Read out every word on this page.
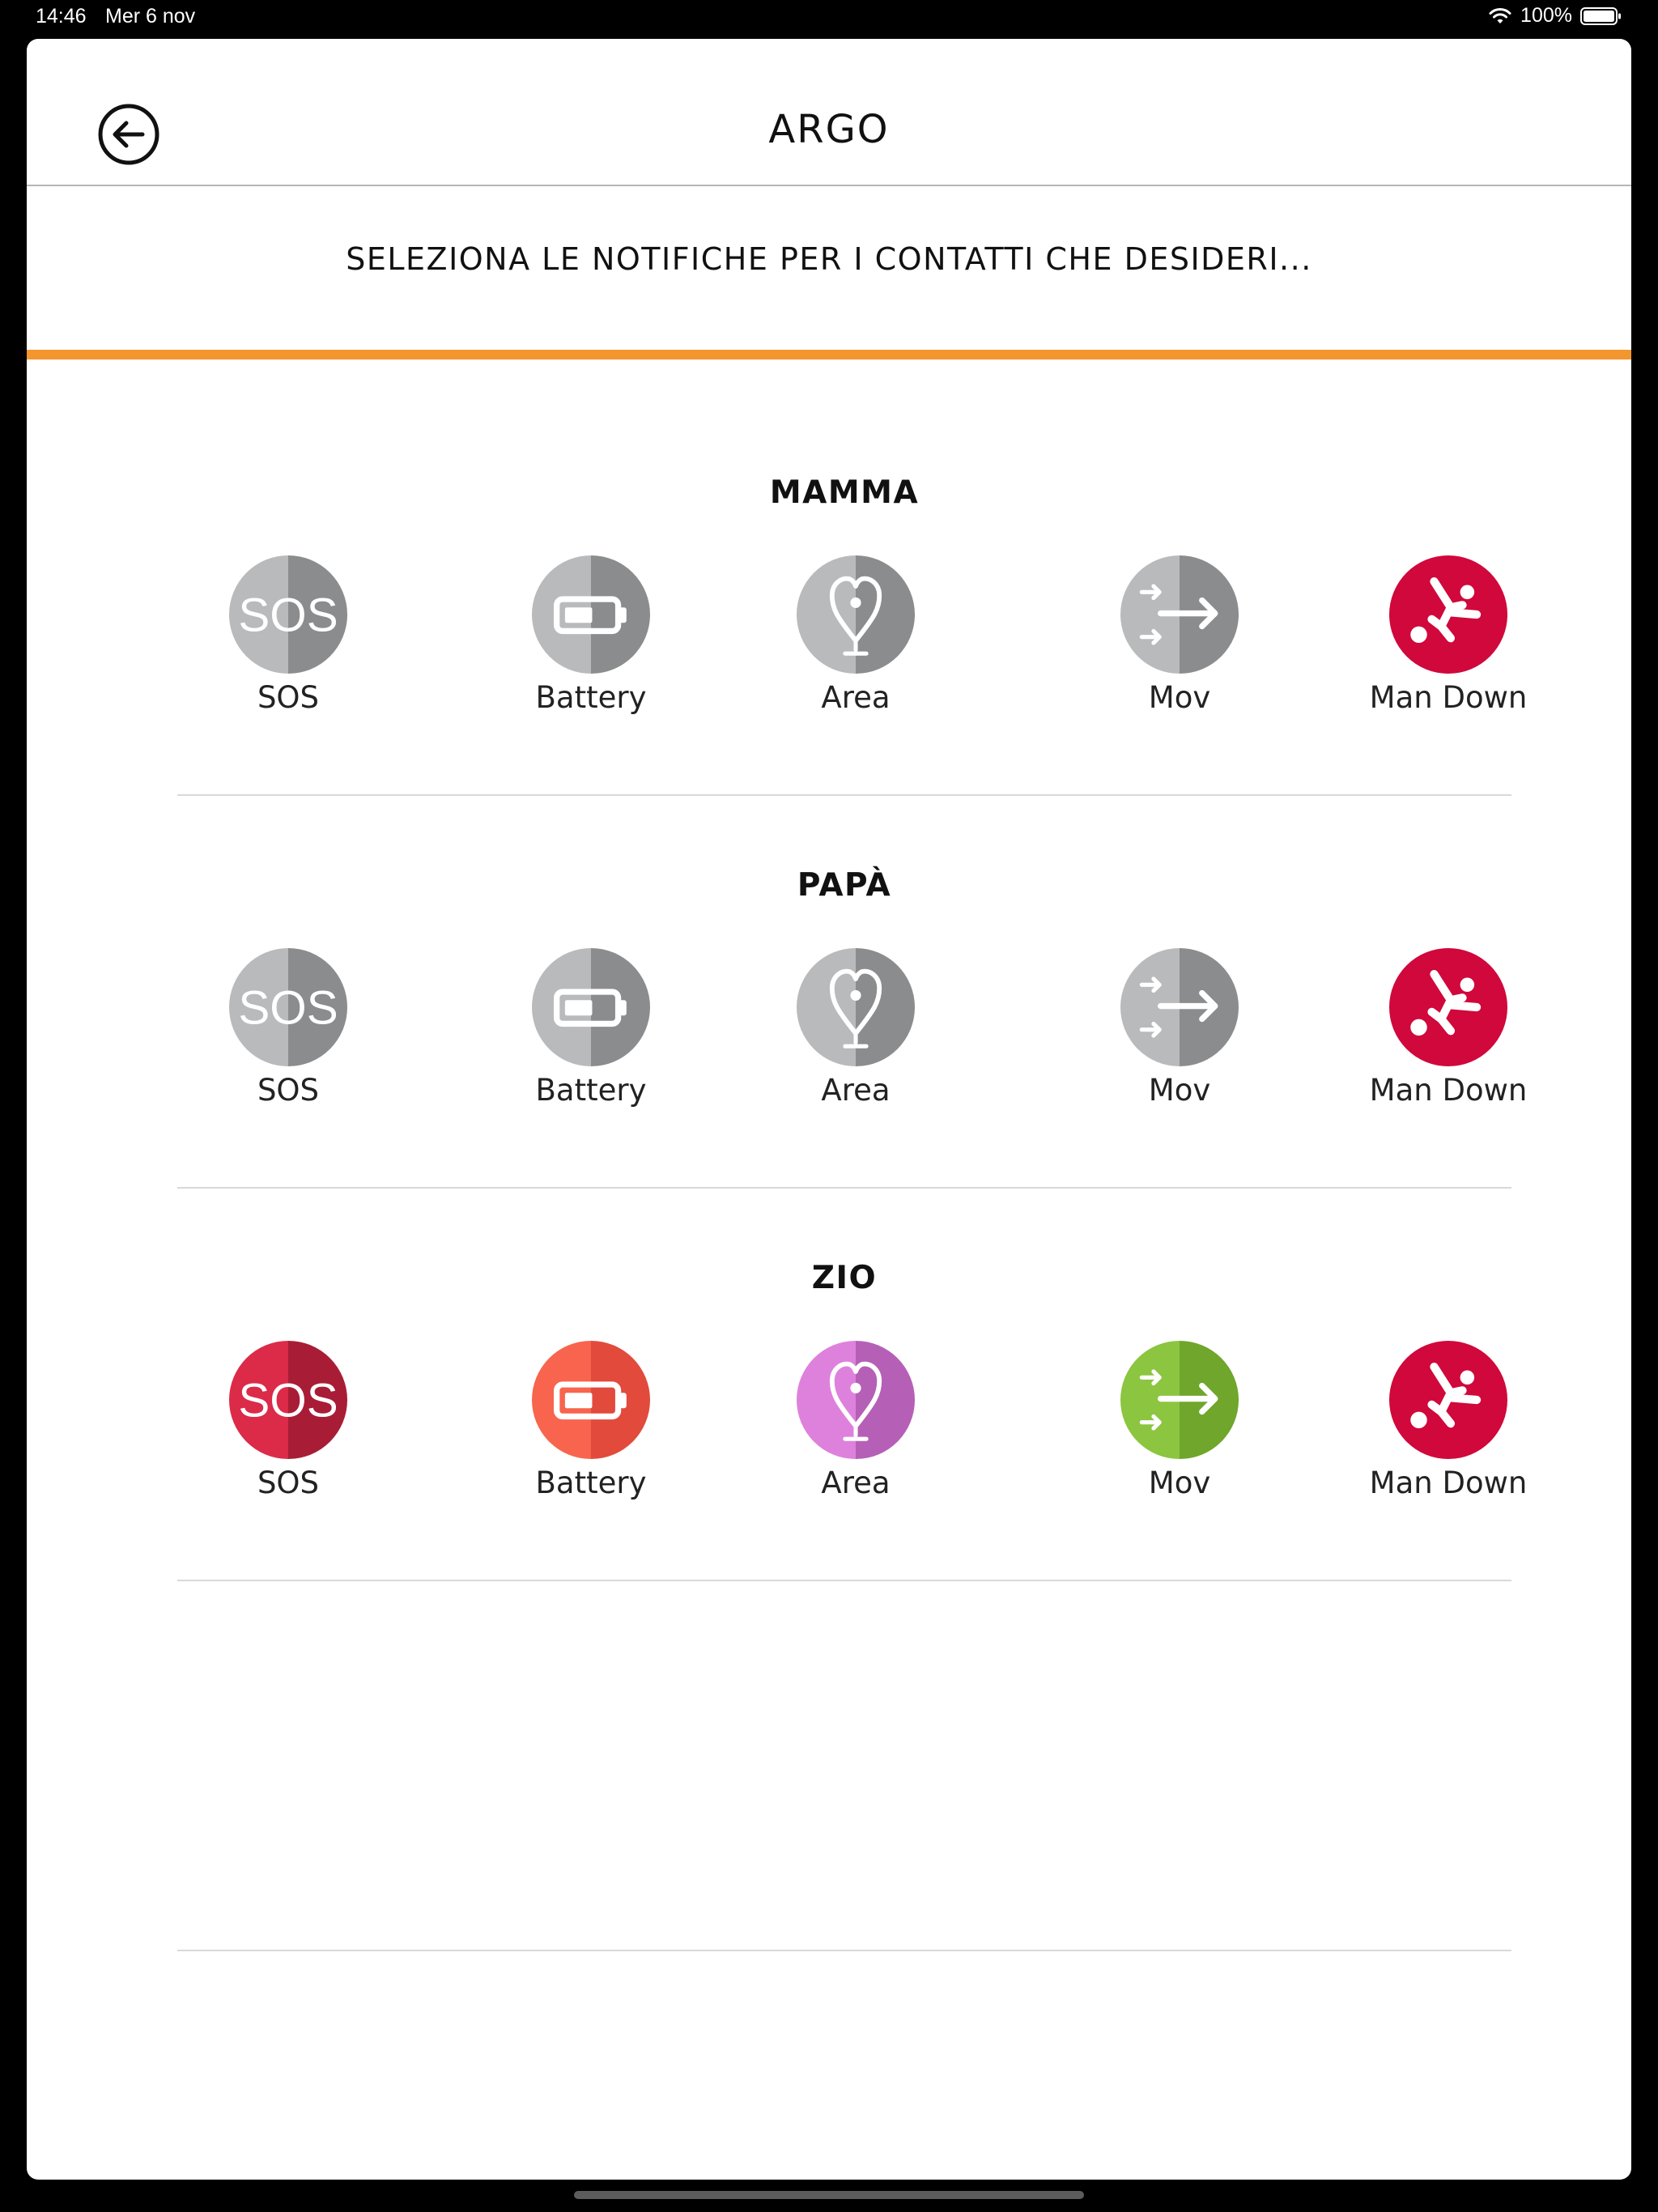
14:46 Mer 6 nov	100%
ARGO
SELEZIONA LE NOTIFICHE PER I CONTATTI CHE DESIDERI...
MAMMA
SOS
SOS	Battery	Area	Mov	Man Down
PAPÀ
SOS
SOS	Battery	Area	Mov	Man Down
ZIO
SOS
SOS	Battery	Area	Mov	Man Down
